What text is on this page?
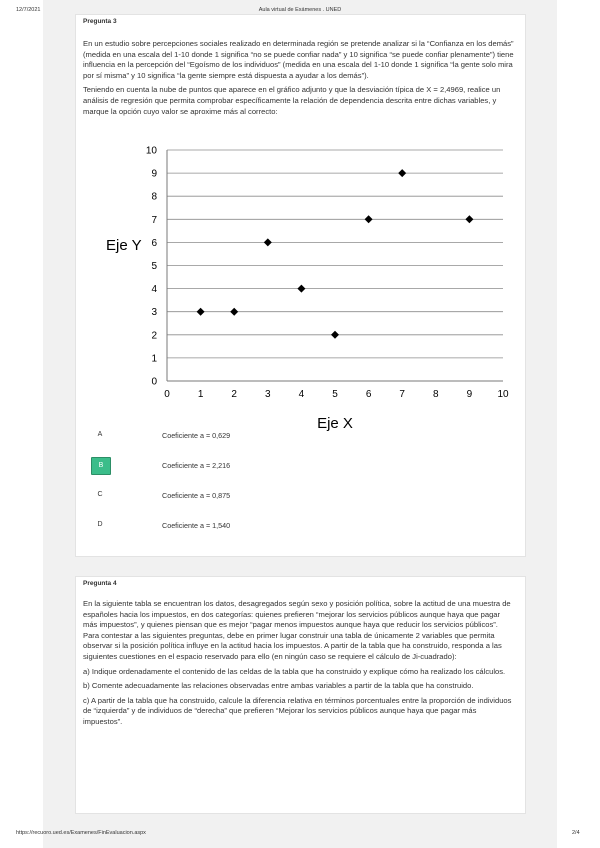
12/7/2021	Aula virtual de Exámenes . UNED
Pregunta 3

En un estudio sobre percepciones sociales realizado en determinada región se pretende analizar si la “Confianza en los demás” (medida en una escala del 1-10 donde 1 significa “no se puede confiar nada” y 10 significa “se puede confiar plenamente”) tiene influencia en la percepción del “Egoísmo de los individuos” (medida en una escala del 1-10 donde 1 significa “la gente solo mira por sí misma” y 10 significa “la gente siempre está dispuesta a ayudar a los demás”).

Teniendo en cuenta la nube de puntos que aparece en el gráfico adjunto y que la desviación típica de X = 2,4969, realice un análisis de regresión que permita comprobar específicamente la relación de dependencia descrita entre dichas variables, y marque la opción cuyo valor se aproxime más al correcto:

0
1
2
3
4
5
6
7
8
9
10
0	1	2	3	4	5	6	7	8	9	10
Eje Y
Eje X
A	Coeficiente a = 0,629
B	Coeficiente a = 2,216
C	Coeficiente a = 0,875
D	Coeficiente a = 1,540
Pregunta 4

En la siguiente tabla se encuentran los datos, desagregados según sexo y posición política, sobre la actitud de una muestra de españoles hacia los impuestos, en dos categorías: quienes prefieren “mejorar los servicios públicos aunque haya que pagar más impuestos”, y quienes piensan que es mejor “pagar menos impuestos aunque haya que reducir los servicios públicos”. Para contestar a las siguientes preguntas, debe en primer lugar construir una tabla de únicamente 2 variables que permita observar si la posición política influye en la actitud hacia los impuestos. A partir de la tabla que ha construido, responda a las siguientes cuestiones en el espacio reservado para ello (en ningún caso se requiere el cálculo de Ji-cuadrado):

a) Indique ordenadamente el contenido de las celdas de la tabla que ha construido y explique cómo ha realizado los cálculos.

b) Comente adecuadamente las relaciones observadas entre ambas variables a partir de la tabla que ha construido.

c) A partir de la tabla que ha construido, calcule la diferencia relativa en términos porcentuales entre la proporción de individuos de “izquierda” y de individuos de “derecha” que prefieren “Mejorar los servicios públicos aunque haya que pagar más impuestos”.

https://recuoro.ued.es/Examenes/FinEvaluacion.aspx	2/4
